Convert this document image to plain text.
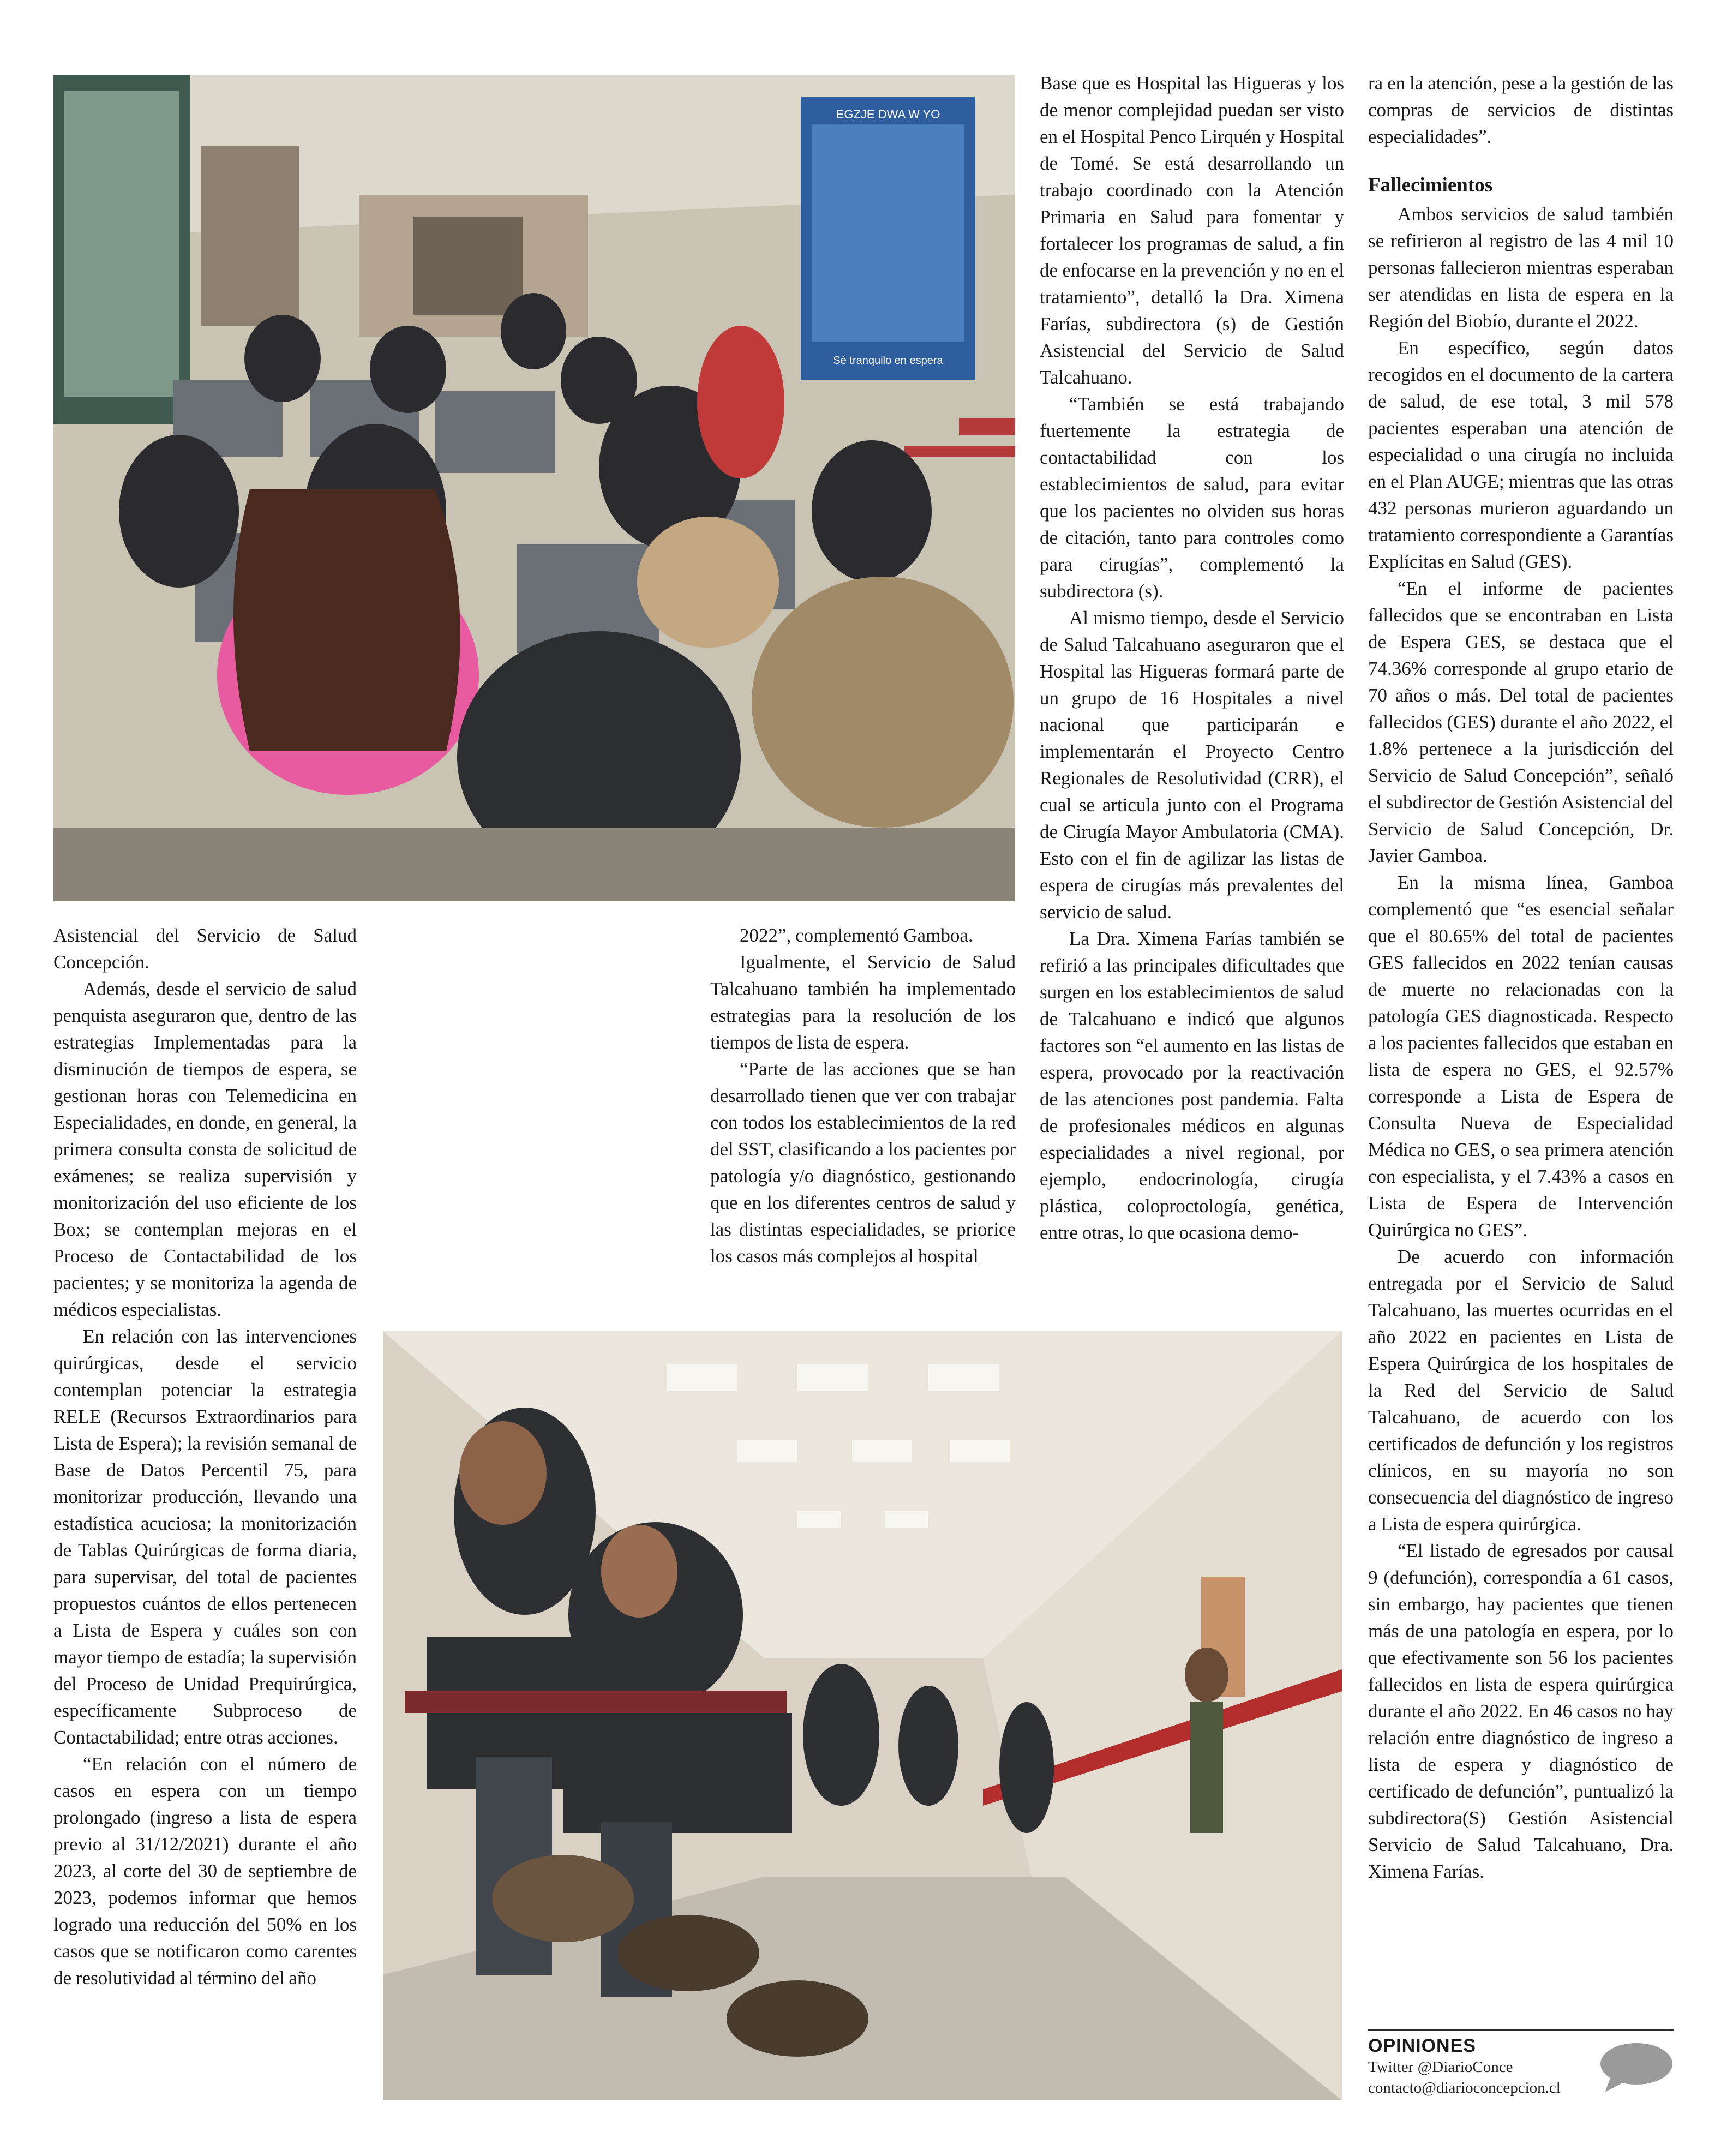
EGZJE DWA W YO
Sé tranquilo en espera

Asistencial del Servicio de Salud Concepción.

Además, desde el servicio de salud penquista aseguraron que, dentro de las estrategias Implementadas para la disminución de tiempos de espera, se gestionan horas con Telemedicina en Especialidades, en donde, en general, la primera consulta consta de solicitud de exámenes; se realiza supervisión y monitorización del uso eficiente de los Box; se contemplan mejoras en el Proceso de Contactabilidad de los pacientes; y se monitoriza la agenda de médicos especialistas.

En relación con las intervenciones quirúrgicas, desde el servicio contemplan potenciar la estrategia RELE (Recursos Extraordinarios para Lista de Espera); la revisión semanal de Base de Datos Percentil 75, para monitorizar producción, llevando una estadística acuciosa; la monitorización de Tablas Quirúrgicas de forma diaria, para supervisar, del total de pacientes propuestos cuántos de ellos pertenecen a Lista de Espera y cuáles son con mayor tiempo de estadía; la supervisión del Proceso de Unidad Prequirúrgica, específicamente Subproceso de Contactabilidad; entre otras acciones.

“En relación con el número de casos en espera con un tiempo prolongado (ingreso a lista de espera previo al 31/12/2021) durante el año 2023, al corte del 30 de septiembre de 2023, podemos informar que hemos logrado una reducción del 50% en los casos que se notificaron como carentes de resolutividad al término del año

2022”, complementó Gamboa.

Igualmente, el Servicio de Salud Talcahuano también ha implementado estrategias para la resolución de los tiempos de lista de espera.

“Parte de las acciones que se han desarrollado tienen que ver con trabajar con todos los establecimientos de la red del SST, clasificando a los pacientes por patología y/o diagnóstico, gestionando que en los diferentes centros de salud y las distintas especialidades, se priorice los casos más complejos al hospital

Base que es Hospital las Higueras y los de menor complejidad puedan ser visto en el Hospital Penco Lirquén y Hospital de Tomé. Se está desarrollando un trabajo coordinado con la Atención Primaria en Salud para fomentar y fortalecer los programas de salud, a fin de enfocarse en la prevención y no en el tratamiento”, detalló la Dra. Ximena Farías, subdirectora (s) de Gestión Asistencial del Servicio de Salud Talcahuano.

“También se está trabajando fuertemente la estrategia de contactabilidad con los establecimientos de salud, para evitar que los pacientes no olviden sus horas de citación, tanto para controles como para cirugías”, complementó la subdirectora (s).

Al mismo tiempo, desde el Servicio de Salud Talcahuano aseguraron que el Hospital las Higueras formará parte de un grupo de 16 Hospitales a nivel nacional que participarán e implementarán el Proyecto Centro Regionales de Resolutividad (CRR), el cual se articula junto con el Programa de Cirugía Mayor Ambulatoria (CMA). Esto con el fin de agilizar las listas de espera de cirugías más prevalentes del servicio de salud.

La Dra. Ximena Farías también se refirió a las principales dificultades que surgen en los establecimientos de salud de Talcahuano e indicó que algunos factores son “el aumento en las listas de espera, provocado por la reactivación de las atenciones post pandemia. Falta de profesionales médicos en algunas especialidades a nivel regional, por ejemplo, endocrinología, cirugía plástica, coloproctología, genética, entre otras, lo que ocasiona demo-

ra en la atención, pese a la gestión de las compras de servicios de distintas especialidades”.

Fallecimientos

Ambos servicios de salud también se refirieron al registro de las 4 mil 10 personas fallecieron mientras esperaban ser atendidas en lista de espera en la Región del Biobío, durante el 2022.

En específico, según datos recogidos en el documento de la cartera de salud, de ese total, 3 mil 578 pacientes esperaban una atención de especialidad o una cirugía no incluida en el Plan AUGE; mientras que las otras 432 personas murieron aguardando un tratamiento correspondiente a Garantías Explícitas en Salud (GES).

“En el informe de pacientes fallecidos que se encontraban en Lista de Espera GES, se destaca que el 74.36% corresponde al grupo etario de 70 años o más. Del total de pacientes fallecidos (GES) durante el año 2022, el 1.8% pertenece a la jurisdicción del Servicio de Salud Concepción”, señaló el subdirector de Gestión Asistencial del Servicio de Salud Concepción, Dr. Javier Gamboa.

En la misma línea, Gamboa complementó que “es esencial señalar que el 80.65% del total de pacientes GES fallecidos en 2022 tenían causas de muerte no relacionadas con la patología GES diagnosticada. Respecto a los pacientes fallecidos que estaban en lista de espera no GES, el 92.57% corresponde a Lista de Espera de Consulta Nueva de Especialidad Médica no GES, o sea primera atención con especialista, y el 7.43% a casos en Lista de Espera de Intervención Quirúrgica no GES”.

De acuerdo con información entregada por el Servicio de Salud Talcahuano, las muertes ocurridas en el año 2022 en pacientes en Lista de Espera Quirúrgica de los hospitales de la Red del Servicio de Salud Talcahuano, de acuerdo con los certificados de defunción y los registros clínicos, en su mayoría no son consecuencia del diagnóstico de ingreso a Lista de espera quirúrgica.

“El listado de egresados por causal 9 (defunción), correspondía a 61 casos, sin embargo, hay pacientes que tienen más de una patología en espera, por lo que efectivamente son 56 los pacientes fallecidos en lista de espera quirúrgica durante el año 2022. En 46 casos no hay relación entre diagnóstico de ingreso a lista de espera y diagnóstico de certificado de defunción”, puntualizó la subdirectora(S) Gestión Asistencial Servicio de Salud Talcahuano, Dra. Ximena Farías.

OPINIONES
Twitter @DiarioConce
contacto@diarioconcepcion.cl
